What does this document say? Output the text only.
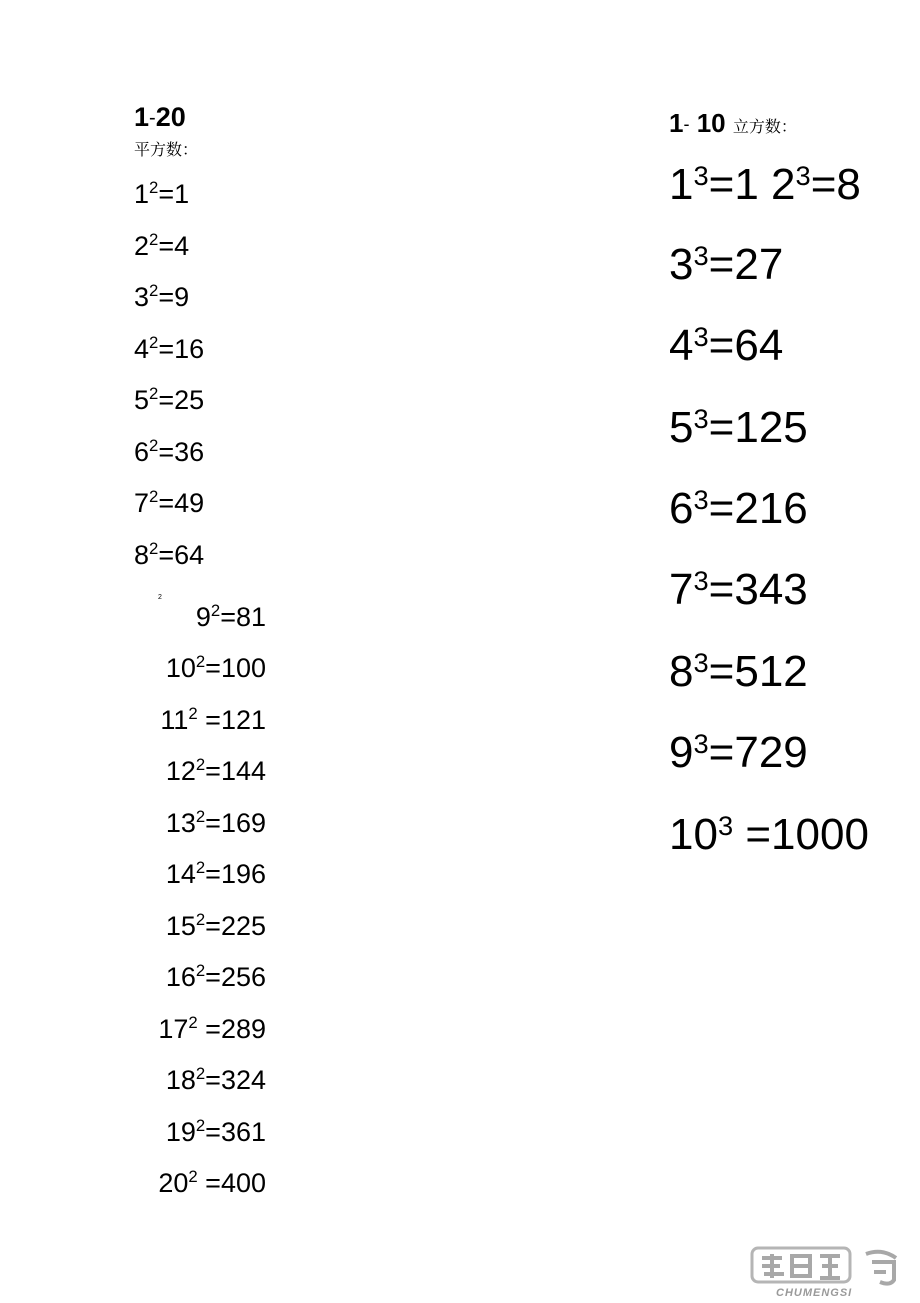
1-20
平方数：
2
$1^2=1$
$2^2=4$
$3^2=9$
$4^2=16$
$5^2=25$
$6^2=36$
$7^2=49$
$8^2=64$
$9^2=81$
$10^2=100$
$11^2 =121$
$12^2=144$
$13^2=169$
$14^2=196$
$15^2=225$
$16^2=256$
$17^2 =289$
$18^2=324$
$19^2=361$
$20^2 =400$
1- 10 立方数：
$1^3=1$ $2^3=8$
$3^3=27$
$4^3=64$
$5^3=125$
$6^3=216$
$7^3=343$
$8^3=512$
$9^3=729$
$10^3 =1000$
CHUMENGSI
